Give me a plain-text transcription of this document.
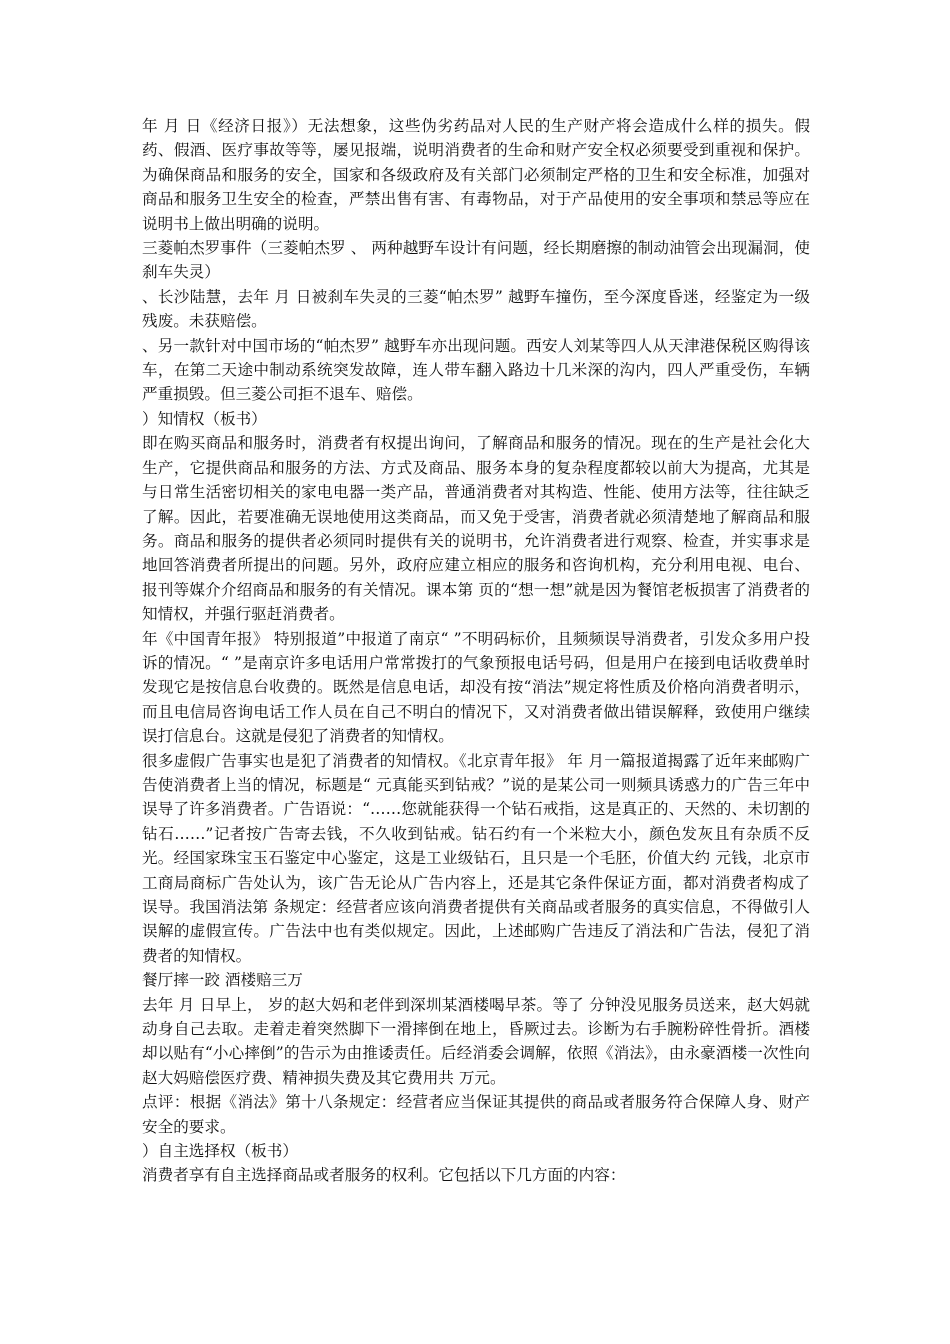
年 月 日《经济日报》）无法想象，这些伪劣药品对人民的生产财产将会造成什么样的损失。假药、假酒、医疗事故等等，屡见报端，说明消费者的生命和财产安全权必须要受到重视和保护。为确保商品和服务的安全，国家和各级政府及有关部门必须制定严格的卫生和安全标准，加强对商品和服务卫生安全的检查，严禁出售有害、有毒物品，对于产品使用的安全事项和禁忌等应在说明书上做出明确的说明。

三菱帕杰罗事件（三菱帕杰罗 、 两种越野车设计有问题，经长期磨擦的制动油管会出现漏洞，使刹车失灵）

、长沙陆慧，去年 月 日被刹车失灵的三菱“帕杰罗” 越野车撞伤，至今深度昏迷，经鉴定为一级残废。未获赔偿。

、另一款针对中国市场的“帕杰罗” 越野车亦出现问题。西安人刘某等四人从天津港保税区购得该车，在第二天途中制动系统突发故障，连人带车翻入路边十几米深的沟内，四人严重受伤，车辆严重损毁。但三菱公司拒不退车、赔偿。

）知情权（板书）

即在购买商品和服务时，消费者有权提出询问，了解商品和服务的情况。现在的生产是社会化大生产，它提供商品和服务的方法、方式及商品、服务本身的复杂程度都较以前大为提高，尤其是与日常生活密切相关的家电电器一类产品，普通消费者对其构造、性能、使用方法等，往往缺乏了解。因此，若要准确无误地使用这类商品，而又免于受害，消费者就必须清楚地了解商品和服务。商品和服务的提供者必须同时提供有关的说明书，允许消费者进行观察、检查，并实事求是地回答消费者所提出的问题。另外，政府应建立相应的服务和咨询机构，充分利用电视、电台、报刊等媒介介绍商品和服务的有关情况。课本第 页的“想一想”就是因为餐馆老板损害了消费者的知情权，并强行驱赶消费者。

年《中国青年报》 特别报道”中报道了南京“ ”不明码标价，且频频误导消费者，引发众多用户投诉的情况。“ ”是南京许多电话用户常常拨打的气象预报电话号码，但是用户在接到电话收费单时发现它是按信息台收费的。既然是信息电话，却没有按“消法”规定将性质及价格向消费者明示，而且电信局咨询电话工作人员在自己不明白的情况下，又对消费者做出错误解释，致使用户继续误打信息台。这就是侵犯了消费者的知情权。

很多虚假广告事实也是犯了消费者的知情权。《北京青年报》 年 月一篇报道揭露了近年来邮购广告使消费者上当的情况，标题是“ 元真能买到钻戒？”说的是某公司一则频具诱惑力的广告三年中误导了许多消费者。广告语说：“……您就能获得一个钻石戒指，这是真正的、天然的、未切割的钻石……”记者按广告寄去钱，不久收到钻戒。钻石约有一个米粒大小，颜色发灰且有杂质不反光。经国家珠宝玉石鉴定中心鉴定，这是工业级钻石，且只是一个毛胚，价值大约 元钱，北京市工商局商标广告处认为，该广告无论从广告内容上，还是其它条件保证方面，都对消费者构成了误导。我国消法第 条规定：经营者应该向消费者提供有关商品或者服务的真实信息，不得做引人误解的虚假宣传。广告法中也有类似规定。因此，上述邮购广告违反了消法和广告法，侵犯了消费者的知情权。

餐厅摔一跤 酒楼赔三万

去年 月 日早上， 岁的赵大妈和老伴到深圳某酒楼喝早茶。等了 分钟没见服务员送来，赵大妈就动身自己去取。走着走着突然脚下一滑摔倒在地上，昏厥过去。诊断为右手腕粉碎性骨折。酒楼却以贴有“小心摔倒”的告示为由推诿责任。后经消委会调解，依照《消法》，由永豪酒楼一次性向赵大妈赔偿医疗费、精神损失费及其它费用共 万元。

点评：根据《消法》第十八条规定：经营者应当保证其提供的商品或者服务符合保障人身、财产安全的要求。

）自主选择权（板书）

消费者享有自主选择商品或者服务的权利。它包括以下几方面的内容：
